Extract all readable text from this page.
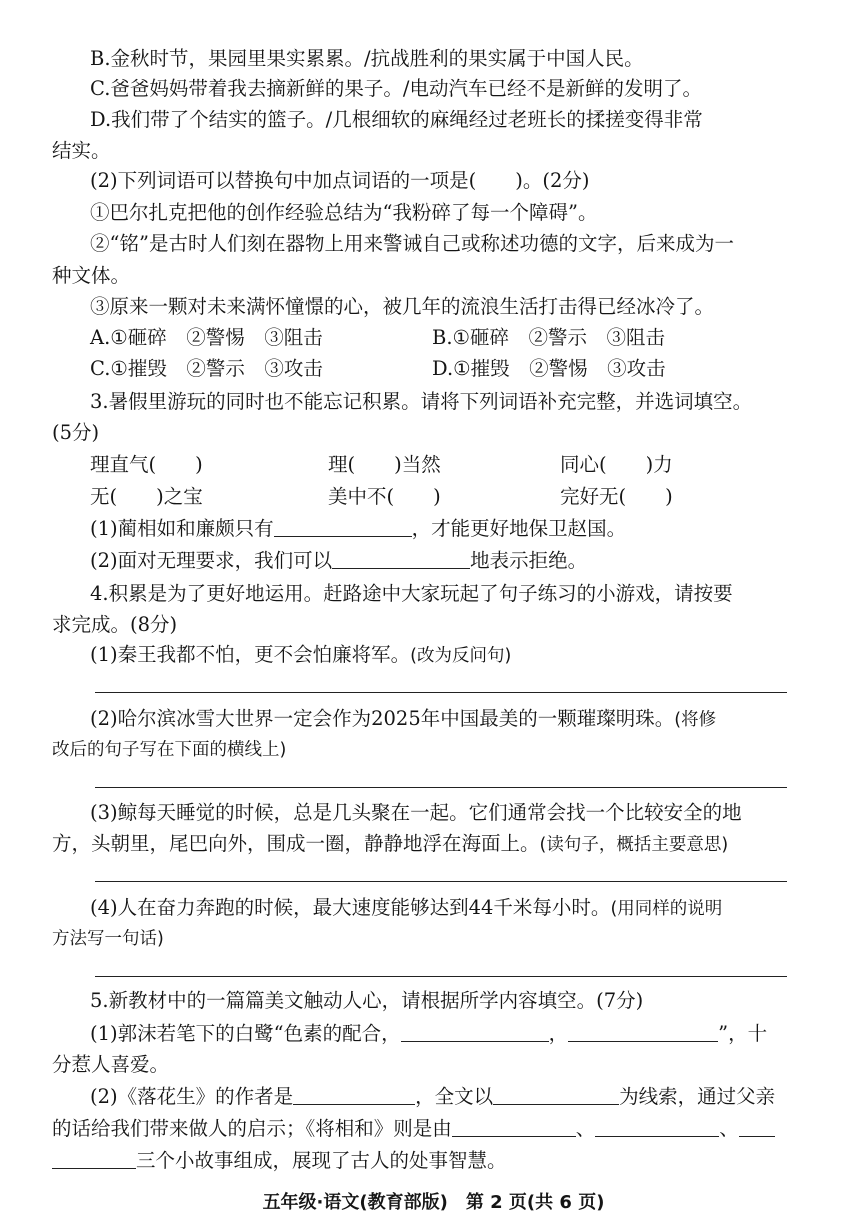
B.金秋时节，果园里果实累累。/抗战胜利的果实属于中国人民。
C.爸爸妈妈带着我去摘新鲜的果子。/电动汽车已经不是新鲜的发明了。
D.我们带了个结实的篮子。/几根细软的麻绳经过老班长的揉搓变得非常
结实。
(2)下列词语可以替换句中加点词语的一项是(　　)。(2分)
①巴尔扎克把他的创作经验总结为“我粉碎了每一个障碍”。
②“铭”是古时人们刻在器物上用来警诫自己或称述功德的文字，后来成为一
种文体。
③原来一颗对未来满怀憧憬的心，被几年的流浪生活打击得已经冰冷了。
A.①砸碎　②警惕　③阻击	B.①砸碎　②警示　③阻击
C.①摧毁　②警示　③攻击	D.①摧毁　②警惕　③攻击
3.暑假里游玩的同时也不能忘记积累。请将下列词语补充完整，并选词填空。
(5分)
理直气(　　)	理(　　)当然	同心(　　)力
无(　　)之宝	美中不(　　)	完好无(　　)
(1)蔺相如和廉颇只有	，才能更好地保卫赵国。
(2)面对无理要求，我们可以	地表示拒绝。
4.积累是为了更好地运用。赶路途中大家玩起了句子练习的小游戏，请按要
求完成。(8分)
(1)秦王我都不怕，更不会怕廉将军。(改为反问句)
(2)哈尔滨冰雪大世界一定会作为2025年中国最美的一颗璀璨明珠。(将修
改后的句子写在下面的横线上)
(3)鲸每天睡觉的时候，总是几头聚在一起。它们通常会找一个比较安全的地
方，头朝里，尾巴向外，围成一圈，静静地浮在海面上。(读句子，概括主要意思)
(4)人在奋力奔跑的时候，最大速度能够达到44千米每小时。(用同样的说明
方法写一句话)
5.新教材中的一篇篇美文触动人心，请根据所学内容填空。(7分)
(1)郭沫若笔下的白鹭“色素的配合，	，	”，十
分惹人喜爱。
(2)《落花生》的作者是	，全文以	为线索，通过父亲
的话给我们带来做人的启示；《将相和》则是由	、	、
三个小故事组成，展现了古人的处事智慧。
五年级·语文(教育部版)　第 2 页(共 6 页)
